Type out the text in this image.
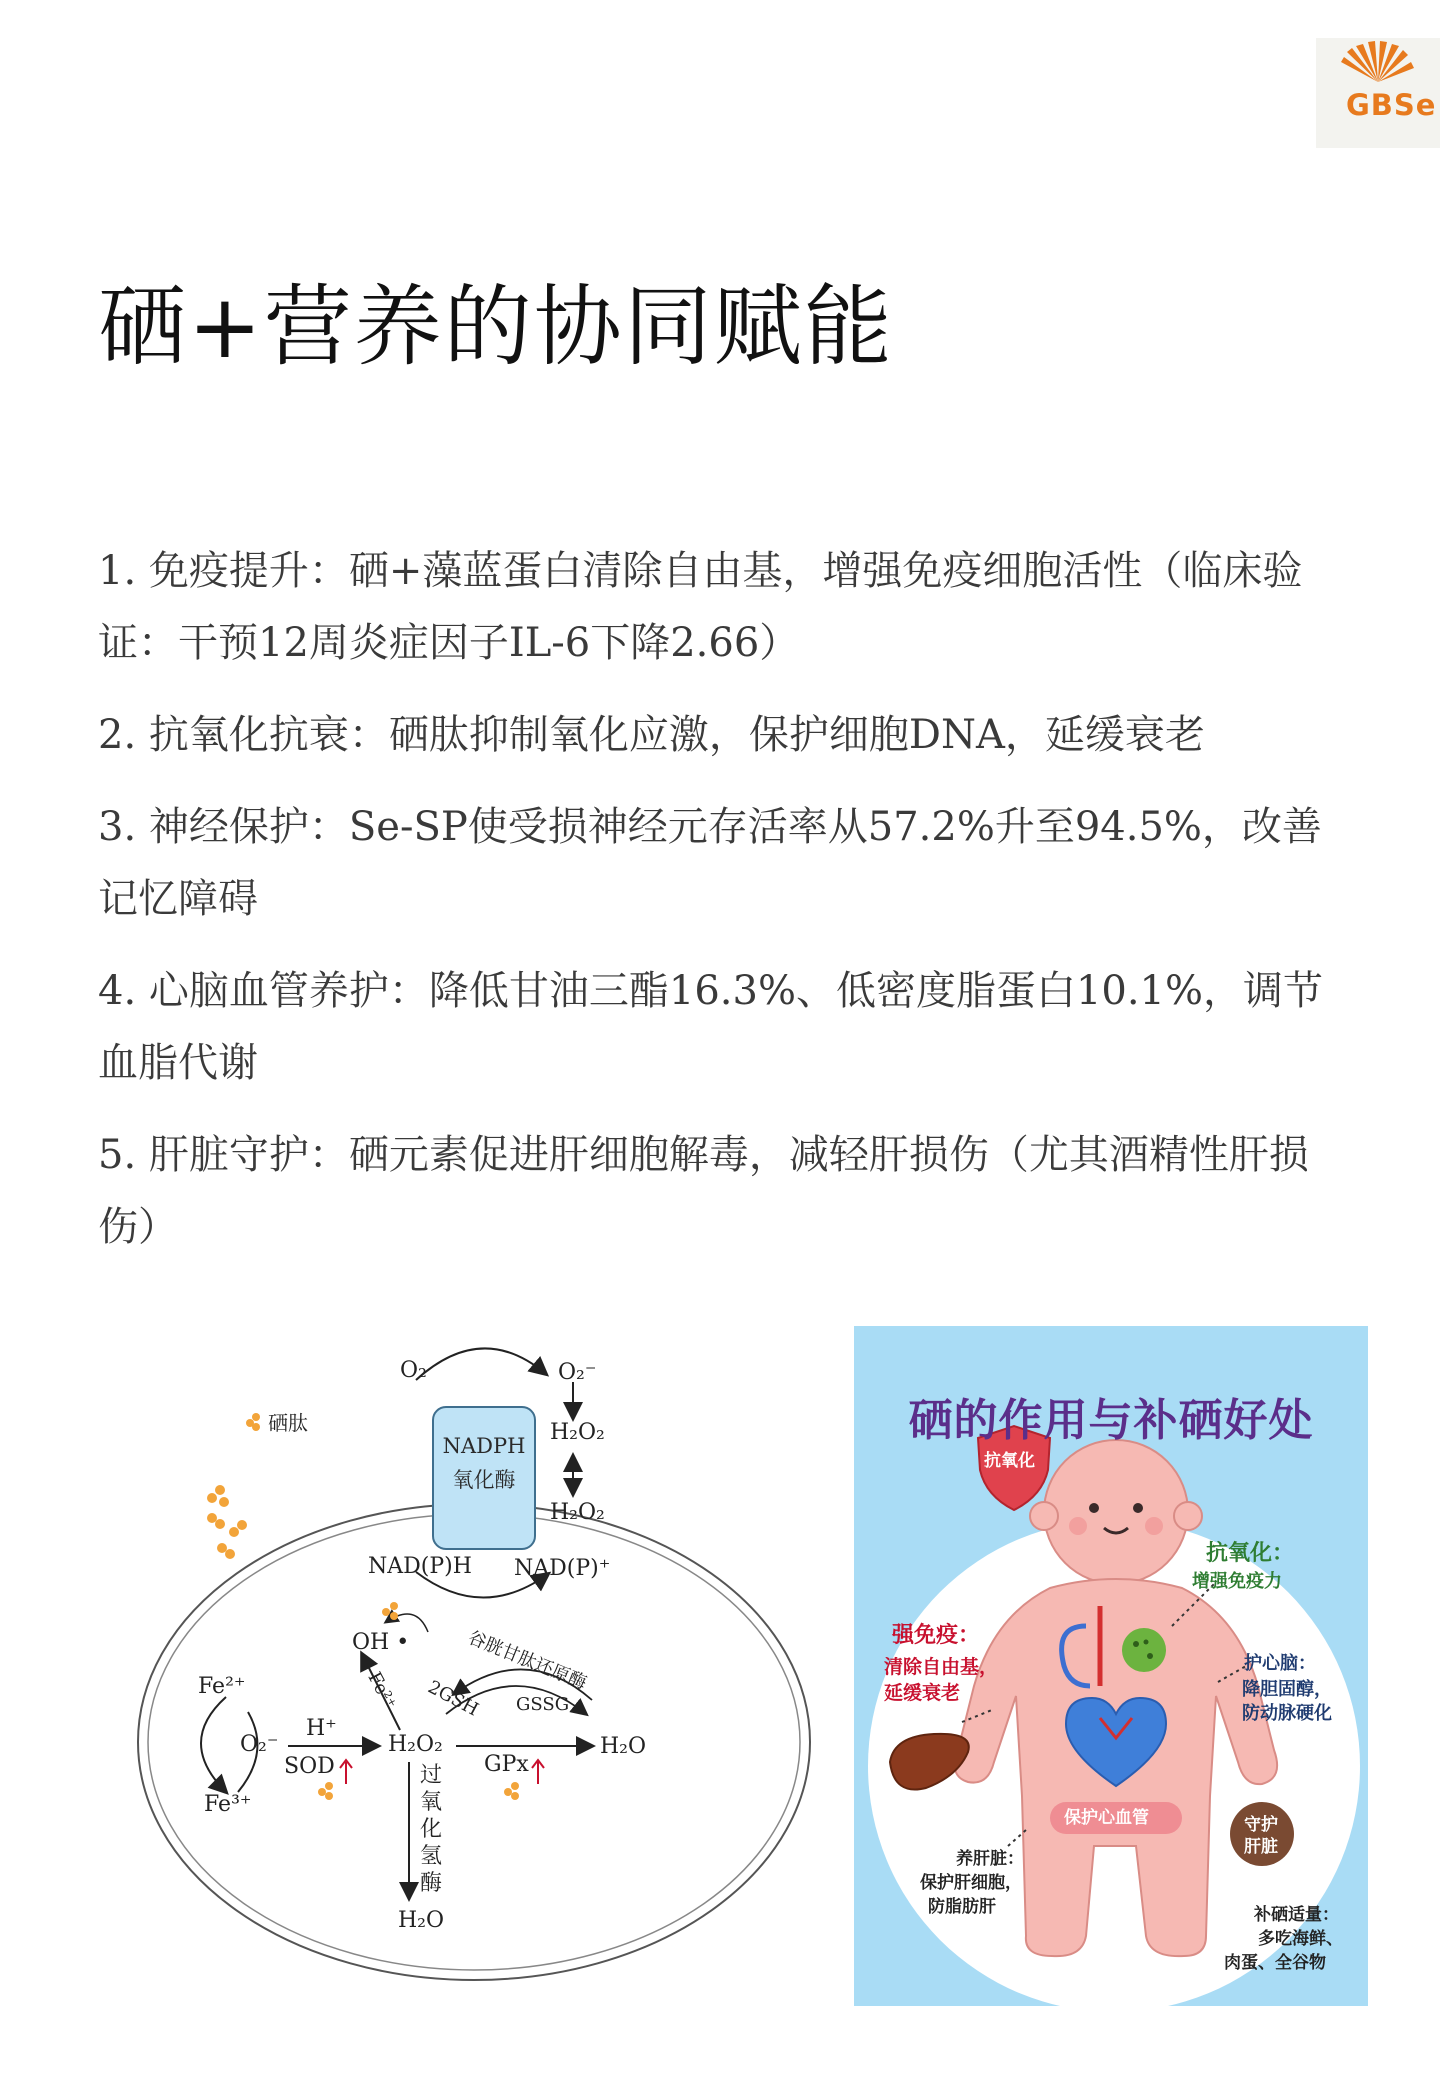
GBSe
硒+营养的协同赋能
1. 免疫提升：硒+藻蓝蛋白清除自由基，增强免疫细胞活性（临床验证：干预12周炎症因子IL-6下降2.66）
2. 抗氧化抗衰：硒肽抑制氧化应激，保护细胞DNA，延缓衰老
3. 神经保护：Se-SP使受损神经元存活率从57.2%升至94.5%，改善记忆障碍
4. 心脑血管养护：降低甘油三酯16.3%、低密度脂蛋白10.1%，调节血脂代谢
5. 肝脏守护：硒元素促进肝细胞解毒，减轻肝损伤（尤其酒精性肝损伤）
硒肽
O₂	O₂⁻
H₂O₂
H₂O₂
NADPH
氧化酶
NAD(P)H NAD(P)⁺
OH •
Fe²⁺	谷胱甘肽还原酶
2GSH GSSG
Fe²⁺
Fe³⁺
O₂⁻
H⁺
SOD
H₂O₂
GPx
H₂O
过氧化氢酶
H₂O
硒的作用与补硒好处
抗氧化
抗氧化：
增强免疫力
强免疫：
清除自由基，
延缓衰老
护心脑：
降胆固醇，
防动脉硬化
保护心血管	守护
肝脏
养肝脏：
保护肝细胞，
防脂肪肝	补硒适量：
多吃海鲜、
肉蛋、全谷物
